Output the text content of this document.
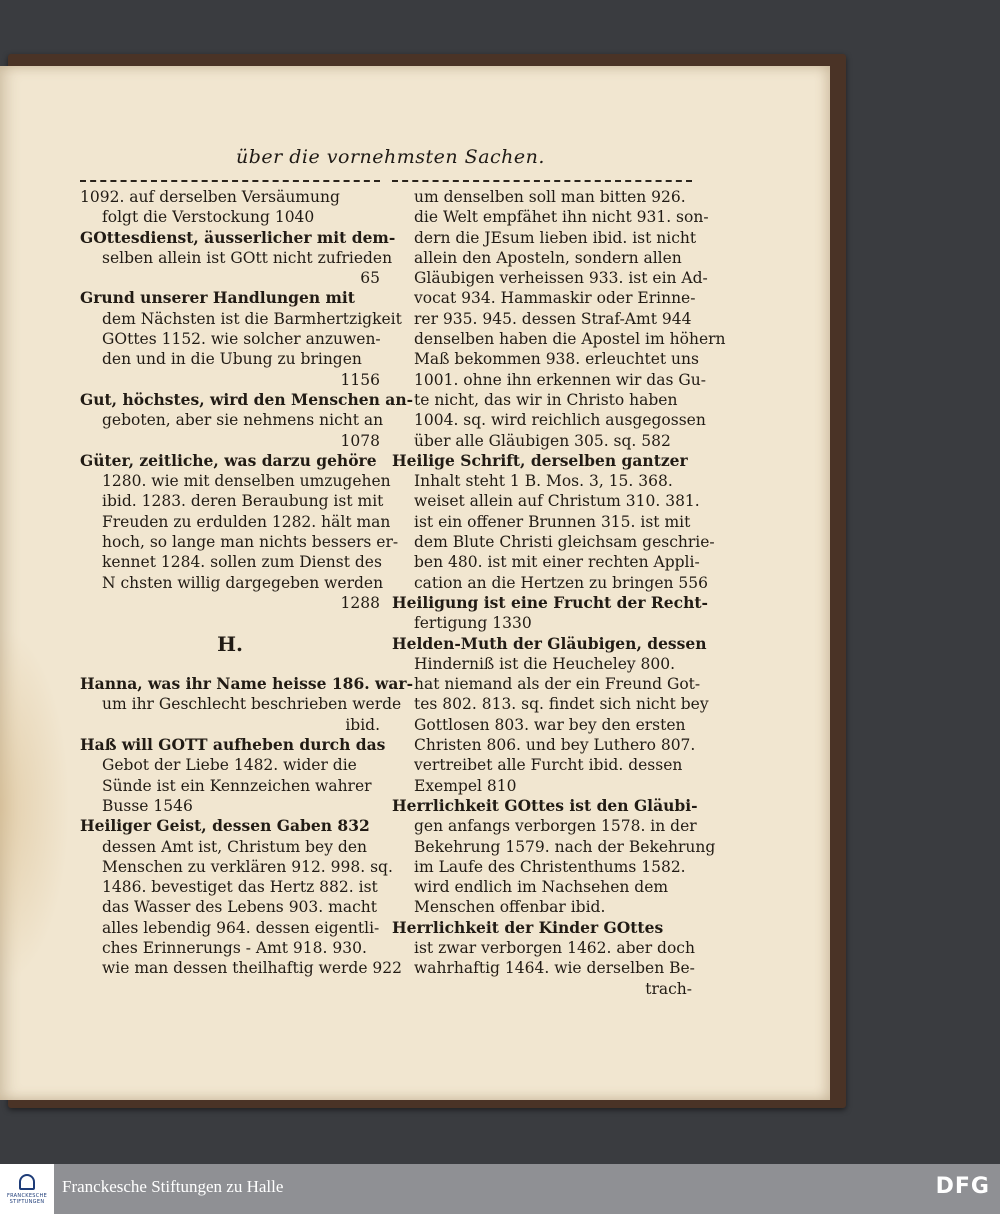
über die vornehmsten Sachen.
1092. auf derselben Versäumung
folgt die Verstockung 1040
GOttesdienst, äusserlicher mit dem-
selben allein ist GOtt nicht zufrieden
65
Grund unserer Handlungen mit
dem Nächsten ist die Barmhertzigkeit
GOttes 1152. wie solcher anzuwen-
den und in die Ubung zu bringen
1156
Gut, höchstes, wird den Menschen an-
geboten, aber sie nehmens nicht an
1078
Güter, zeitliche, was darzu gehöre
1280. wie mit denselben umzugehen
ibid. 1283. deren Beraubung ist mit
Freuden zu erdulden 1282. hält man
hoch, so lange man nichts bessers er-
kennet 1284. sollen zum Dienst des
N chsten willig dargegeben werden
1288
H.
Hanna, was ihr Name heisse 186. war-
um ihr Geschlecht beschrieben werde
ibid.
Haß will GOTT aufheben durch das
Gebot der Liebe 1482. wider die
Sünde ist ein Kennzeichen wahrer
Busse 1546
Heiliger Geist, dessen Gaben 832
dessen Amt ist, Christum bey den
Menschen zu verklären 912. 998. sq.
1486. bevestiget das Hertz 882. ist
das Wasser des Lebens 903. macht
alles lebendig 964. dessen eigentli-
ches Erinnerungs - Amt 918. 930.
wie man dessen theilhaftig werde 922
um denselben soll man bitten 926.
die Welt empfähet ihn nicht 931. son-
dern die JEsum lieben ibid. ist nicht
allein den Aposteln, sondern allen
Gläubigen verheissen 933. ist ein Ad-
vocat 934. Hammaskir oder Erinne-
rer 935. 945. dessen Straf-Amt 944
denselben haben die Apostel im höhern
Maß bekommen 938. erleuchtet uns
1001. ohne ihn erkennen wir das Gu-
te nicht, das wir in Christo haben
1004. sq. wird reichlich ausgegossen
über alle Gläubigen 305. sq. 582
Heilige Schrift, derselben gantzer
Inhalt steht 1 B. Mos. 3, 15. 368.
weiset allein auf Christum 310. 381.
ist ein offener Brunnen 315. ist mit
dem Blute Christi gleichsam geschrie-
ben 480. ist mit einer rechten Appli-
cation an die Hertzen zu bringen 556
Heiligung ist eine Frucht der Recht-
fertigung 1330
Helden-Muth der Gläubigen, dessen
Hinderniß ist die Heucheley 800.
hat niemand als der ein Freund Got-
tes 802. 813. sq. findet sich nicht bey
Gottlosen 803. war bey den ersten
Christen 806. und bey Luthero 807.
vertreibet alle Furcht ibid. dessen
Exempel 810
Herrlichkeit GOttes ist den Gläubi-
gen anfangs verborgen 1578. in der
Bekehrung 1579. nach der Bekehrung
im Laufe des Christenthums 1582.
wird endlich im Nachsehen dem
Menschen offenbar ibid.
Herrlichkeit der Kinder GOttes
ist zwar verborgen 1462. aber doch
wahrhaftig 1464. wie derselben Be-
trach-
FRANCKESCHE
STIFTUNGEN
Franckesche Stiftungen zu Halle	DFG
